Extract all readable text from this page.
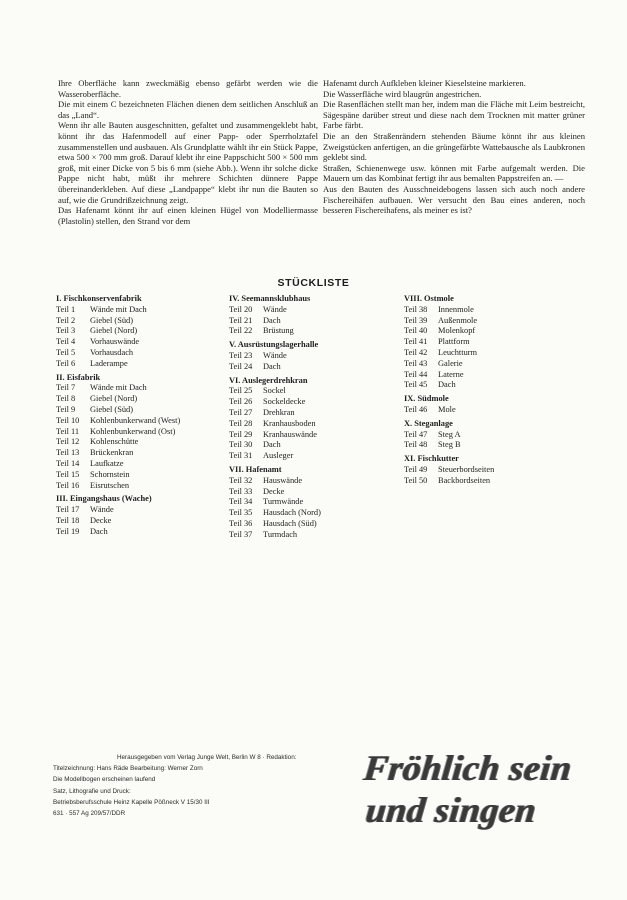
Ihre Oberfläche kann zweckmäßig ebenso gefärbt werden wie die Wasseroberfläche.

Die mit einem C bezeichneten Flächen dienen dem seitlichen Anschluß an das „Land“.

Wenn ihr alle Bauten ausgeschnitten, gefaltet und zusammengeklebt habt, könnt ihr das Hafenmodell auf einer Papp- oder Sperrholztafel zusammenstellen und ausbauen. Als Grundplatte wählt ihr ein Stück Pappe, etwa 500 × 700 mm groß. Darauf klebt ihr eine Pappschicht 500 × 500 mm groß, mit einer Dicke von 5 bis 6 mm (siehe Abb.). Wenn ihr solche dicke Pappe nicht habt, müßt ihr mehrere Schichten dünnere Pappe übereinanderkleben. Auf diese „Landpappe“ klebt ihr nun die Bauten so auf, wie die Grundrißzeichnung zeigt.

Das Hafenamt könnt ihr auf einen kleinen Hügel von Modelliermasse (Plastolin) stellen, den Strand vor dem

Hafenamt durch Aufkleben kleiner Kieselsteine markieren.

Die Wasserfläche wird blaugrün angestrichen.

Die Rasenflächen stellt man her, indem man die Fläche mit Leim bestreicht, Sägespäne darüber streut und diese nach dem Trocknen mit matter grüner Farbe färbt.

Die an den Straßenrändern stehenden Bäume könnt ihr aus kleinen Zweigstücken anfertigen, an die grüngefärbte Wattebausche als Laubkronen geklebt sind.

Straßen, Schienenwege usw. können mit Farbe aufgemalt werden. Die Mauern um das Kombinat fertigt ihr aus bemalten Pappstreifen an. —

Aus den Bauten des Ausschneidebogens lassen sich auch noch andere Fischereihäfen aufbauen. Wer versucht den Bau eines anderen, noch besseren Fischereihafens, als meiner es ist?

STÜCKLISTE
I. Fischkonservenfabrik
Teil 1 Wände mit Dach
Teil 2 Giebel (Süd)
Teil 3 Giebel (Nord)
Teil 4 Vorhauswände
Teil 5 Vorhausdach
Teil 6 Laderampe
II. Eisfabrik
Teil 7 Wände mit Dach
Teil 8 Giebel (Nord)
Teil 9 Giebel (Süd)
Teil 10 Kohlenbunkerwand (West)
Teil 11 Kohlenbunkerwand (Ost)
Teil 12 Kohlenschütte
Teil 13 Brückenkran
Teil 14 Laufkatze
Teil 15 Schornstein
Teil 16 Eisrutschen
III. Eingangshaus (Wache)
Teil 17 Wände
Teil 18 Decke
Teil 19 Dach
IV. Seemannsklubhaus
Teil 20 Wände
Teil 21 Dach
Teil 22 Brüstung
V. Ausrüstungslagerhalle
Teil 23 Wände
Teil 24 Dach
VI. Auslegerdrehkran
Teil 25 Sockel
Teil 26 Sockeldecke
Teil 27 Drehkran
Teil 28 Kranhausboden
Teil 29 Kranhauswände
Teil 30 Dach
Teil 31 Ausleger
VII. Hafenamt
Teil 32 Hauswände
Teil 33 Decke
Teil 34 Turmwände
Teil 35 Hausdach (Nord)
Teil 36 Hausdach (Süd)
Teil 37 Turmdach
VIII. Ostmole
Teil 38 Innenmole
Teil 39 Außenmole
Teil 40 Molenkopf
Teil 41 Plattform
Teil 42 Leuchtturm
Teil 43 Galerie
Teil 44 Laterne
Teil 45 Dach
IX. Südmole
Teil 46 Mole
X. Steganlage
Teil 47 Steg A
Teil 48 Steg B
XI. Fischkutter
Teil 49 Steuerbordseiten
Teil 50 Backbordseiten
Herausgegeben vom Verlag Junge Welt, Berlin W 8 · Redaktion:
Titelzeichnung: Hans Räde Bearbeitung: Werner Zorn
Die Modellbogen erscheinen laufend
Satz, Lithografie und Druck:
Betriebsberufsschule Heinz Kapelle Pößneck V 15/30 III
631 · 557 Ag 209/57/DDR
Fröhlich sein
und singen
